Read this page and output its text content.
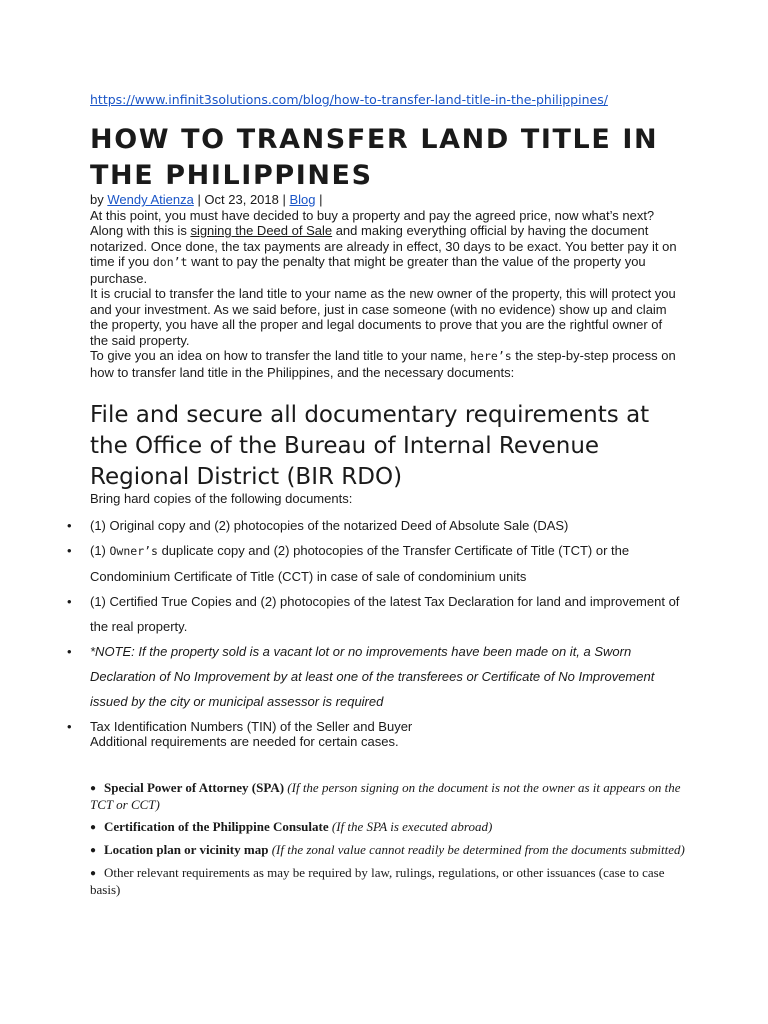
https://www.infinit3solutions.com/blog/how-to-transfer-land-title-in-the-philippines/
HOW TO TRANSFER LAND TITLE IN THE PHILIPPINES

by Wendy Atienza | Oct 23, 2018 | Blog |

At this point, you must have decided to buy a property and pay the agreed price, now what’s next?
Along with this is signing the Deed of Sale and making everything official by having the document notarized. Once done, the tax payments are already in effect, 30 days to be exact. You better pay it on time if you don’t want to pay the penalty that might be greater than the value of the property you purchase.

It is crucial to transfer the land title to your name as the new owner of the property, this will protect you and your investment. As we said before, just in case someone (with no evidence) show up and claim the property, you have all the proper and legal documents to prove that you are the rightful owner of the said property.

To give you an idea on how to transfer the land title to your name, here’s the step-by-step process on how to transfer land title in the Philippines, and the necessary documents:

File and secure all documentary requirements at the Office of the Bureau of Internal Revenue Regional District (BIR RDO)
Bring hard copies of the following documents:
• (1) Original copy and (2) photocopies of the notarized Deed of Absolute Sale (DAS)
• (1) Owner’s duplicate copy and (2) photocopies of the Transfer Certificate of Title (TCT) or the Condominium Certificate of Title (CCT) in case of sale of condominium units
• (1) Certified True Copies and (2) photocopies of the latest Tax Declaration for land and improvement of the real property.
• *NOTE: If the property sold is a vacant lot or no improvements have been made on it, a Sworn Declaration of No Improvement by at least one of the transferees or Certificate of No Improvement issued by the city or municipal assessor is required
• Tax Identification Numbers (TIN) of the Seller and Buyer
Additional requirements are needed for certain cases.
● Special Power of Attorney (SPA) (If the person signing on the document is not the owner as it appears on the TCT or CCT)
● Certification of the Philippine Consulate (If the SPA is executed abroad)
● Location plan or vicinity map (If the zonal value cannot readily be determined from the documents submitted)
● Other relevant requirements as may be required by law, rulings, regulations, or other issuances (case to case basis)
